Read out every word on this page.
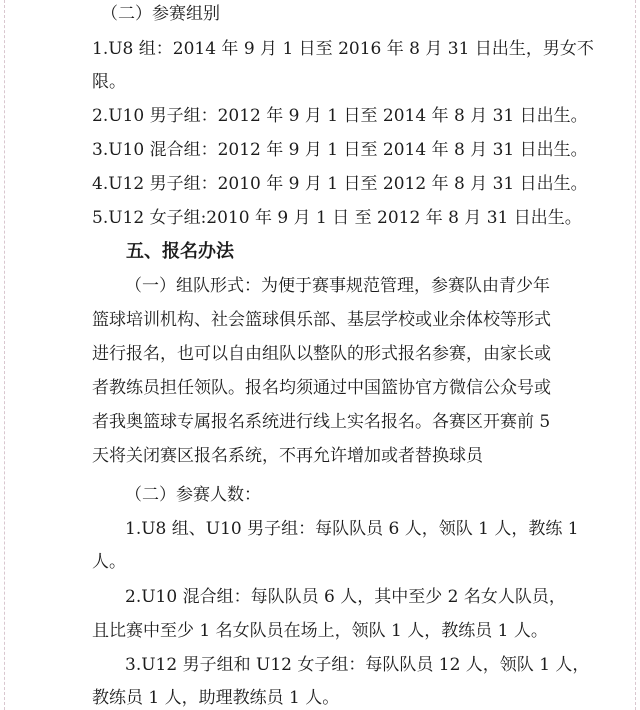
（二）参赛组别
1.U8 组：2014 年 9 月 1 日至 2016 年 8 月 31 日出生，男女不
限。
2.U10 男子组：2012 年 9 月 1 日至 2014 年 8 月 31 日出生。
3.U10 混合组：2012 年 9 月 1 日至 2014 年 8 月 31 日出生。
4.U12 男子组：2010 年 9 月 1 日至 2012 年 8 月 31 日出生。
5.U12 女子组:2010 年 9 月 1 日 至 2012 年 8 月 31 日出生。
五、报名办法
（一）组队形式：为便于赛事规范管理，参赛队由青少年
篮球培训机构、社会篮球俱乐部、基层学校或业余体校等形式
进行报名，也可以自由组队以整队的形式报名参赛，由家长或
者教练员担任领队。报名均须通过中国篮协官方微信公众号或
者我奥篮球专属报名系统进行线上实名报名。各赛区开赛前 5
天将关闭赛区报名系统，不再允许增加或者替换球员
（二）参赛人数：
1.U8 组、U10 男子组：每队队员 6 人，领队 1 人，教练 1
人。
2.U10 混合组：每队队员 6 人，其中至少 2 名女人队员，
且比赛中至少 1 名女队员在场上，领队 1 人，教练员 1 人。
3.U12 男子组和 U12 女子组：每队队员 12 人，领队 1 人，
教练员 1 人，助理教练员 1 人。
